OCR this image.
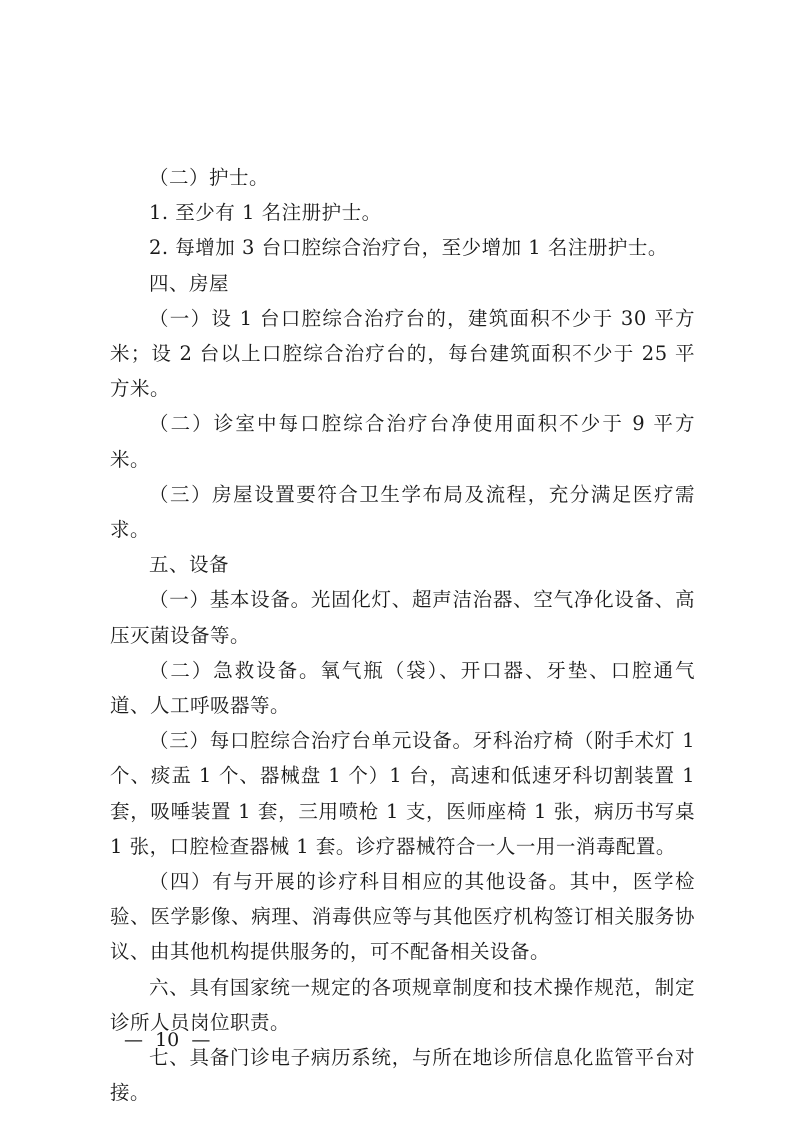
（二）护士。

1. 至少有 1 名注册护士。

2. 每增加 3 台口腔综合治疗台，至少增加 1 名注册护士。

四、房屋

（一）设 1 台口腔综合治疗台的，建筑面积不少于 30 平方米；设 2 台以上口腔综合治疗台的，每台建筑面积不少于 25 平方米。

（二）诊室中每口腔综合治疗台净使用面积不少于 9 平方米。

（三）房屋设置要符合卫生学布局及流程，充分满足医疗需求。

五、设备

（一）基本设备。光固化灯、超声洁治器、空气净化设备、高压灭菌设备等。

（二）急救设备。氧气瓶（袋）、开口器、牙垫、口腔通气道、人工呼吸器等。

（三）每口腔综合治疗台单元设备。牙科治疗椅（附手术灯 1 个、痰盂 1 个、器械盘 1 个）1 台，高速和低速牙科切割装置 1 套，吸唾装置 1 套，三用喷枪 1 支，医师座椅 1 张，病历书写桌 1 张，口腔检查器械 1 套。诊疗器械符合一人一用一消毒配置。

（四）有与开展的诊疗科目相应的其他设备。其中，医学检验、医学影像、病理、消毒供应等与其他医疗机构签订相关服务协议、由其他机构提供服务的，可不配备相关设备。

六、具有国家统一规定的各项规章制度和技术操作规范，制定诊所人员岗位职责。

七、具备门诊电子病历系统，与所在地诊所信息化监管平台对接。

—  10  —
